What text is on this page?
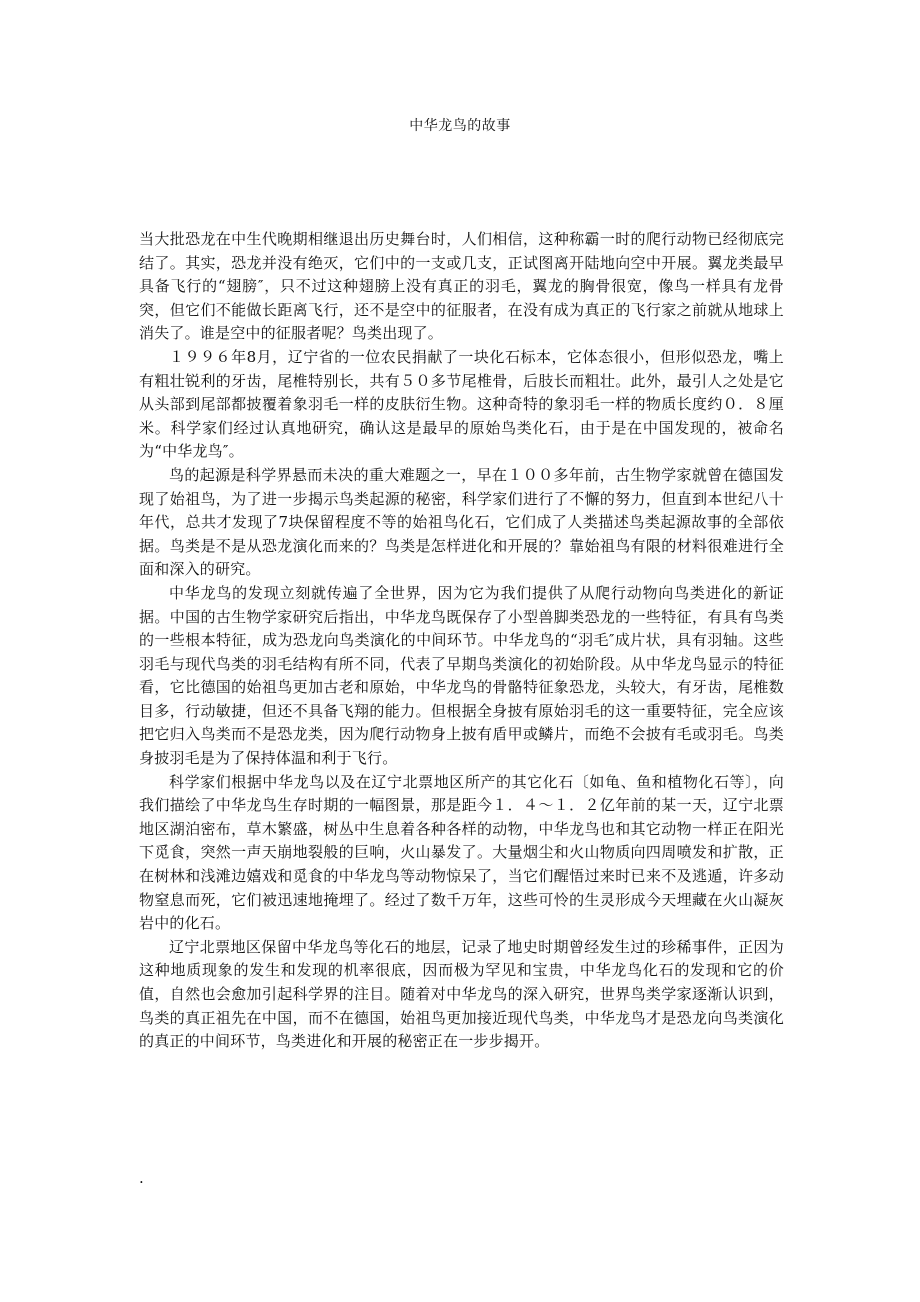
中华龙鸟的故事

当大批恐龙在中生代晚期相继退出历史舞台时，人们相信，这种称霸一时的爬行动物已经彻底完结了。其实，恐龙并没有绝灭，它们中的一支或几支，正试图离开陆地向空中开展。翼龙类最早具备飞行的“翅膀″，只不过这种翅膀上没有真正的羽毛，翼龙的胸骨很宽，像鸟一样具有龙骨突，但它们不能做长距离飞行，还不是空中的征服者，在没有成为真正的飞行家之前就从地球上消失了。谁是空中的征服者呢？鸟类出现了。

１９９６年8月，辽宁省的一位农民捐献了一块化石标本，它体态很小，但形似恐龙，嘴上有粗壮锐利的牙齿，尾椎特别长，共有５０多节尾椎骨，后肢长而粗壮。此外，最引人之处是它从头部到尾部都披覆着象羽毛一样的皮肤衍生物。这种奇特的象羽毛一样的物质长度约０．８厘米。科学家们经过认真地研究，确认这是最早的原始鸟类化石，由于是在中国发现的，被命名为“中华龙鸟″。

鸟的起源是科学界悬而未决的重大难题之一，早在１００多年前，古生物学家就曾在德国发现了始祖鸟，为了进一步揭示鸟类起源的秘密，科学家们进行了不懈的努力，但直到本世纪八十年代，总共才发现了7块保留程度不等的始祖鸟化石，它们成了人类描述鸟类起源故事的全部依据。鸟类是不是从恐龙演化而来的？鸟类是怎样进化和开展的？靠始祖鸟有限的材料很难进行全面和深入的研究。

中华龙鸟的发现立刻就传遍了全世界，因为它为我们提供了从爬行动物向鸟类进化的新证据。中国的古生物学家研究后指出，中华龙鸟既保存了小型兽脚类恐龙的一些特征，有具有鸟类的一些根本特征，成为恐龙向鸟类演化的中间环节。中华龙鸟的“羽毛″成片状，具有羽轴。这些羽毛与现代鸟类的羽毛结构有所不同，代表了早期鸟类演化的初始阶段。从中华龙鸟显示的特征看，它比德国的始祖鸟更加古老和原始，中华龙鸟的骨骼特征象恐龙，头较大，有牙齿，尾椎数目多，行动敏捷，但还不具备飞翔的能力。但根据全身披有原始羽毛的这一重要特征，完全应该把它归入鸟类而不是恐龙类，因为爬行动物身上披有盾甲或鳞片，而绝不会披有毛或羽毛。鸟类身披羽毛是为了保持体温和利于飞行。

科学家们根据中华龙鸟以及在辽宁北票地区所产的其它化石〔如龟、鱼和植物化石等〕，向我们描绘了中华龙鸟生存时期的一幅图景，那是距今１．４～１．２亿年前的某一天，辽宁北票地区湖泊密布，草木繁盛，树丛中生息着各种各样的动物，中华龙鸟也和其它动物一样正在阳光下觅食，突然一声天崩地裂般的巨响，火山暴发了。大量烟尘和火山物质向四周喷发和扩散，正在树林和浅滩边嬉戏和觅食的中华龙鸟等动物惊呆了，当它们醒悟过来时已来不及逃遁，许多动物窒息而死，它们被迅速地掩埋了。经过了数千万年，这些可怜的生灵形成今天埋藏在火山凝灰岩中的化石。

辽宁北票地区保留中华龙鸟等化石的地层，记录了地史时期曾经发生过的珍稀事件，正因为这种地质现象的发生和发现的机率很底，因而极为罕见和宝贵，中华龙鸟化石的发现和它的价值，自然也会愈加引起科学界的注目。随着对中华龙鸟的深入研究，世界鸟类学家逐渐认识到，鸟类的真正祖先在中国，而不在德国，始祖鸟更加接近现代鸟类，中华龙鸟才是恐龙向鸟类演化的真正的中间环节，鸟类进化和开展的秘密正在一步步揭开。

.
